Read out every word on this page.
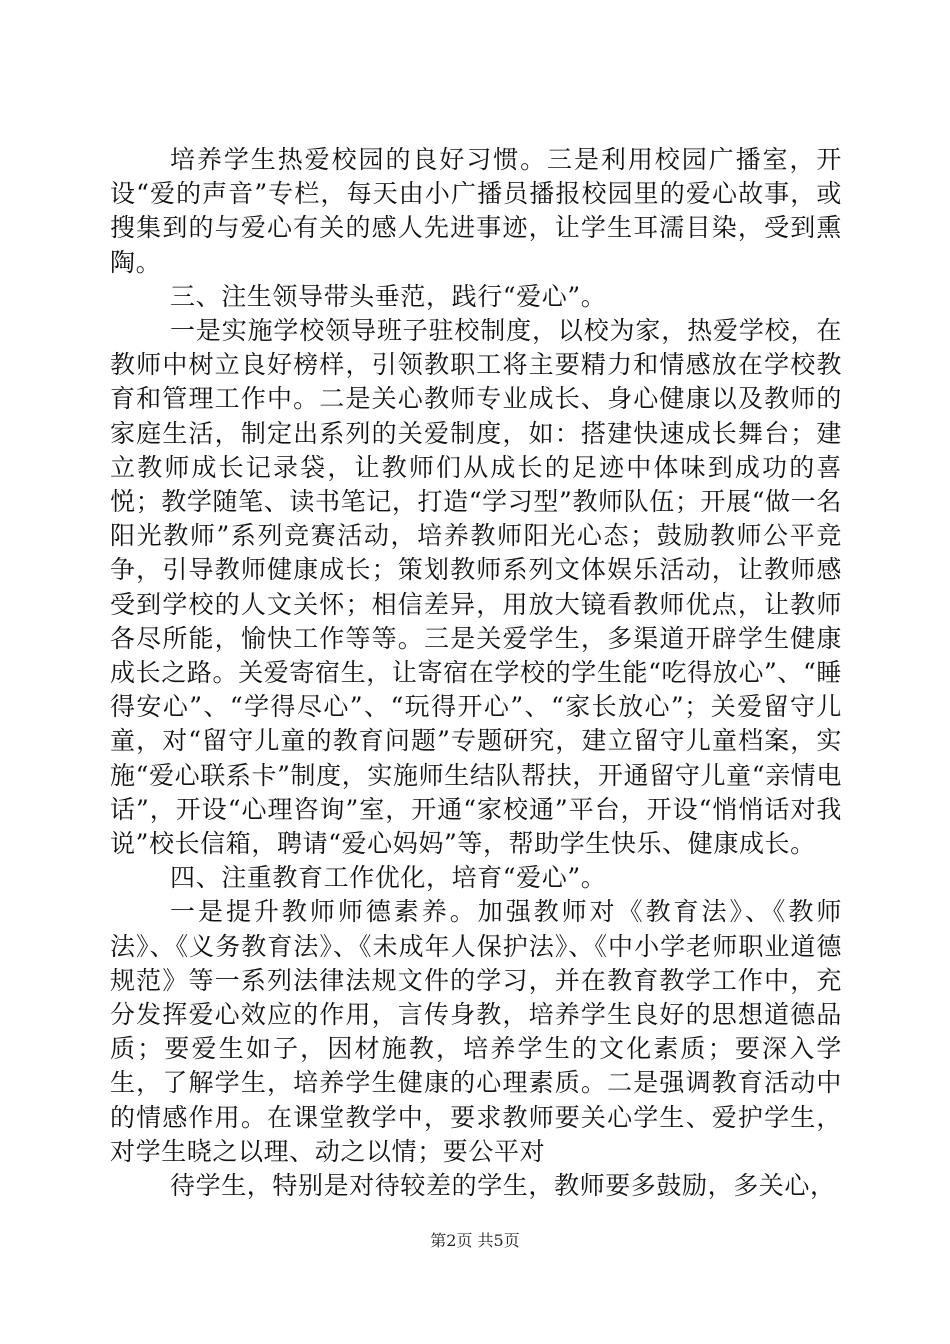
培养学生热爱校园的良好习惯。三是利用校园广播室，开设“爱的声音”专栏，每天由小广播员播报校园里的爱心故事，或搜集到的与爱心有关的感人先进事迹，让学生耳濡目染，受到熏陶。

三、注生领导带头垂范，践行“爱心”。

一是实施学校领导班子驻校制度，以校为家，热爱学校，在教师中树立良好榜样，引领教职工将主要精力和情感放在学校教育和管理工作中。二是关心教师专业成长、身心健康以及教师的家庭生活，制定出系列的关爱制度，如：搭建快速成长舞台；建立教师成长记录袋，让教师们从成长的足迹中体味到成功的喜悦；教学随笔、读书笔记，打造“学习型”教师队伍；开展“做一名阳光教师”系列竞赛活动，培养教师阳光心态；鼓励教师公平竞争，引导教师健康成长；策划教师系列文体娱乐活动，让教师感受到学校的人文关怀；相信差异，用放大镜看教师优点，让教师各尽所能，愉快工作等等。三是关爱学生，多渠道开辟学生健康成长之路。关爱寄宿生，让寄宿在学校的学生能“吃得放心”、“睡得安心”、“学得尽心”、“玩得开心”、“家长放心”；关爱留守儿童，对“留守儿童的教育问题”专题研究，建立留守儿童档案，实施“爱心联系卡”制度，实施师生结队帮扶，开通留守儿童“亲情电话”，开设“心理咨询”室，开通“家校通”平台，开设“悄悄话对我说”校长信箱，聘请“爱心妈妈”等，帮助学生快乐、健康成长。

四、注重教育工作优化，培育“爱心”。

一是提升教师师德素养。加强教师对《教育法》、《教师法》、《义务教育法》、《未成年人保护法》、《中小学老师职业道德规范》等一系列法律法规文件的学习，并在教育教学工作中，充分发挥爱心效应的作用，言传身教，培养学生良好的思想道德品质；要爱生如子，因材施教，培养学生的文化素质；要深入学生，了解学生，培养学生健康的心理素质。二是强调教育活动中的情感作用。在课堂教学中，要求教师要关心学生、爱护学生，对学生晓之以理、动之以情；要公平对

待学生，特别是对待较差的学生，教师要多鼓励，多关心，

第2页 共5页
